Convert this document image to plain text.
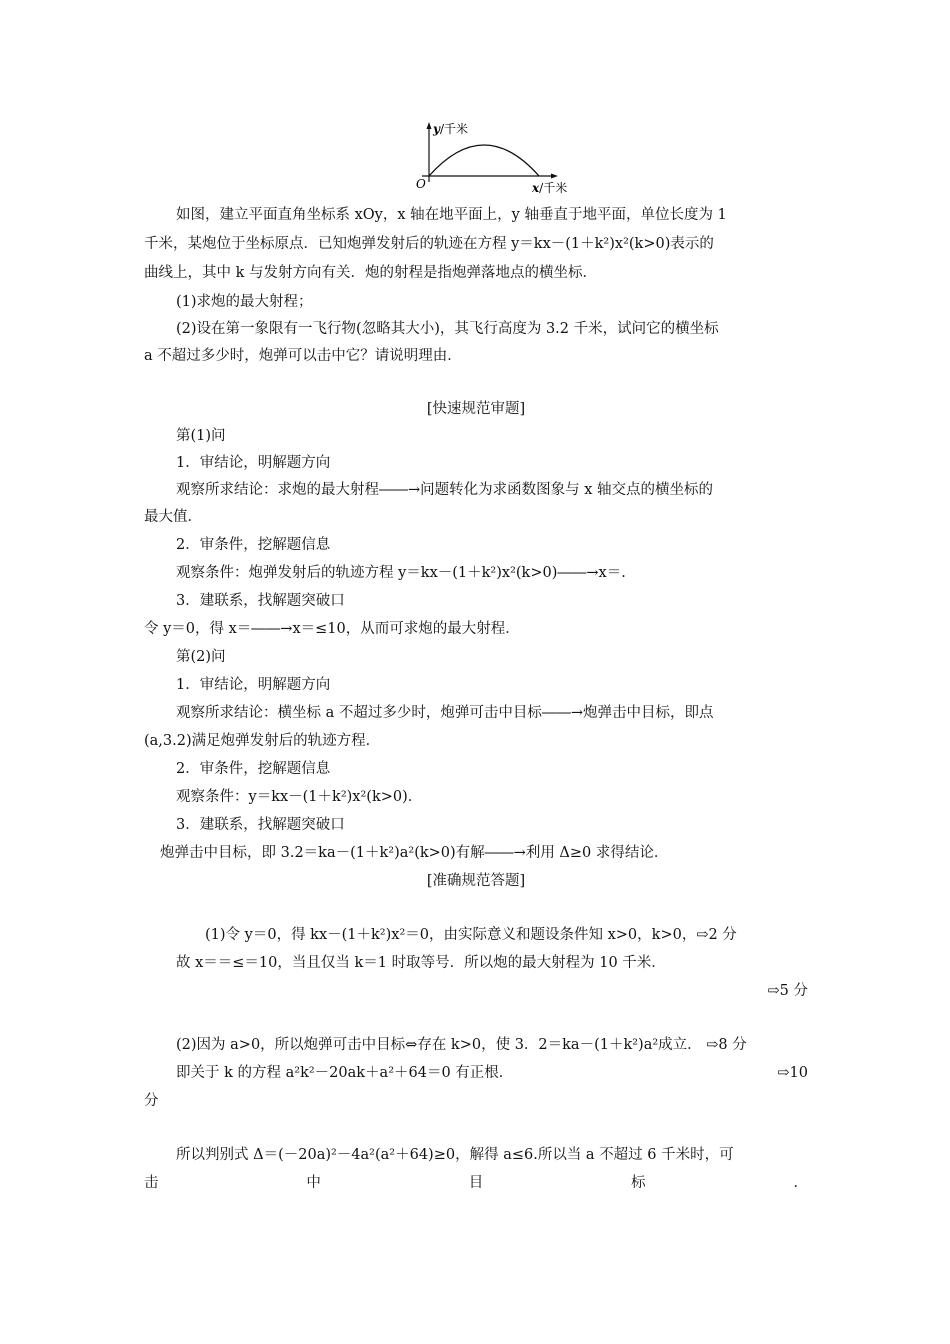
y/千米
x/千米
O
如图，建立平面直角坐标系 xOy，x 轴在地平面上，y 轴垂直于地平面，单位长度为 1
千米，某炮位于坐标原点．已知炮弹发射后的轨迹在方程 y＝kx－(1＋k²)x²(k>0)表示的
曲线上，其中 k 与发射方向有关．炮的射程是指炮弹落地点的横坐标．
(1)求炮的最大射程；
(2)设在第一象限有一飞行物(忽略其大小)，其飞行高度为 3.2 千米，试问它的横坐标
a 不超过多少时，炮弹可以击中它？请说明理由．
[快速规范审题]
第(1)问
1．审结论，明解题方向
观察所求结论：求炮的最大射程――→问题转化为求函数图象与 x 轴交点的横坐标的
最大值．
2．审条件，挖解题信息
观察条件：炮弹发射后的轨迹方程 y＝kx－(1＋k²)x²(k>0)――→x＝.
3．建联系，找解题突破口
令 y＝0，得 x＝――→x＝≤10，从而可求炮的最大射程．
第(2)问
1．审结论，明解题方向
观察所求结论：横坐标 a 不超过多少时，炮弹可击中目标――→炮弹击中目标，即点
(a,3.2)满足炮弹发射后的轨迹方程．
2．审条件，挖解题信息
观察条件：y＝kx－(1＋k²)x²(k>0)．
3．建联系，找解题突破口
炮弹击中目标，即 3.2＝ka－(1＋k²)a²(k>0)有解――→利用 Δ≥0 求得结论．
[准确规范答题]
(1)令 y＝0，得 kx－(1＋k²)x²＝0，由实际意义和题设条件知 x>0，k>0，⇨2 分
故 x＝＝≤＝10，当且仅当 k＝1 时取等号．所以炮的最大射程为 10 千米．
⇨5 分
(2)因为 a>0，所以炮弹可击中目标⇔存在 k>0，使 3．2＝ka－(1＋k²)a²成立． ⇨8 分
即关于 k 的方程 a²k²－20ak＋a²＋64＝0 有正根．	⇨10
分
所以判别式 Δ＝(－20a)²－4a²(a²＋64)≥0，解得 a≤6.所以当 a 不超过 6 千米时，可
击	中	目	标	．
